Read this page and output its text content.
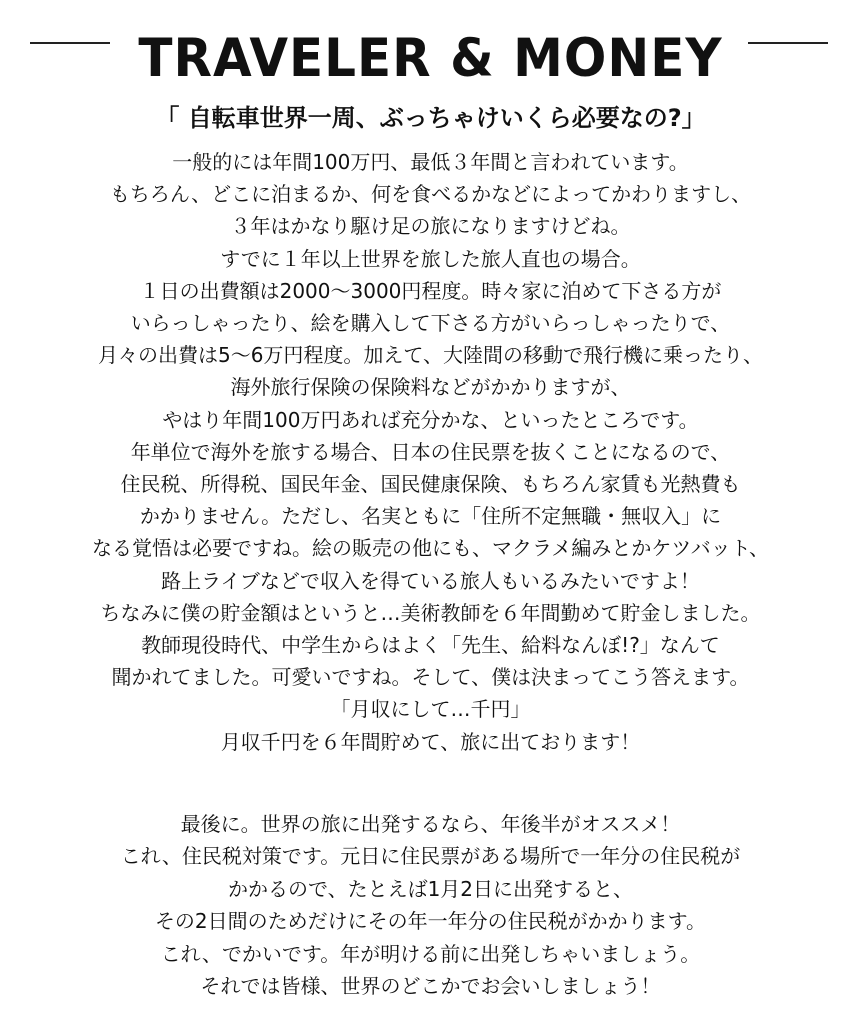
TRAVELER & MONEY

「 自転車世界一周、ぶっちゃけいくら必要なの?」

一般的には年間100万円、最低３年間と言われています。
もちろん、どこに泊まるか、何を食べるかなどによってかわりますし、
３年はかなり駆け足の旅になりますけどね。
すでに１年以上世界を旅した旅人直也の場合。
１日の出費額は2000〜3000円程度。時々家に泊めて下さる方が
いらっしゃったり、絵を購入して下さる方がいらっしゃったりで、
月々の出費は5〜6万円程度。加えて、大陸間の移動で飛行機に乗ったり、
海外旅行保険の保険料などがかかりますが、
やはり年間100万円あれば充分かな、といったところです。
年単位で海外を旅する場合、日本の住民票を抜くことになるので、
住民税、所得税、国民年金、国民健康保険、もちろん家賃も光熱費も
かかりません。ただし、名実ともに「住所不定無職・無収入」に
なる覚悟は必要ですね。絵の販売の他にも、マクラメ編みとかケツバット、
路上ライブなどで収入を得ている旅人もいるみたいですよ！
ちなみに僕の貯金額はというと…美術教師を６年間勤めて貯金しました。
教師現役時代、中学生からはよく「先生、給料なんぼ!?」なんて
聞かれてました。可愛いですね。そして、僕は決まってこう答えます。
「月収にして…千円」
月収千円を６年間貯めて、旅に出ております！
最後に。世界の旅に出発するなら、年後半がオススメ！
これ、住民税対策です。元日に住民票がある場所で一年分の住民税が
かかるので、たとえば1月2日に出発すると、
その2日間のためだけにその年一年分の住民税がかかります。
これ、でかいです。年が明ける前に出発しちゃいましょう。
それでは皆様、世界のどこかでお会いしましょう！
